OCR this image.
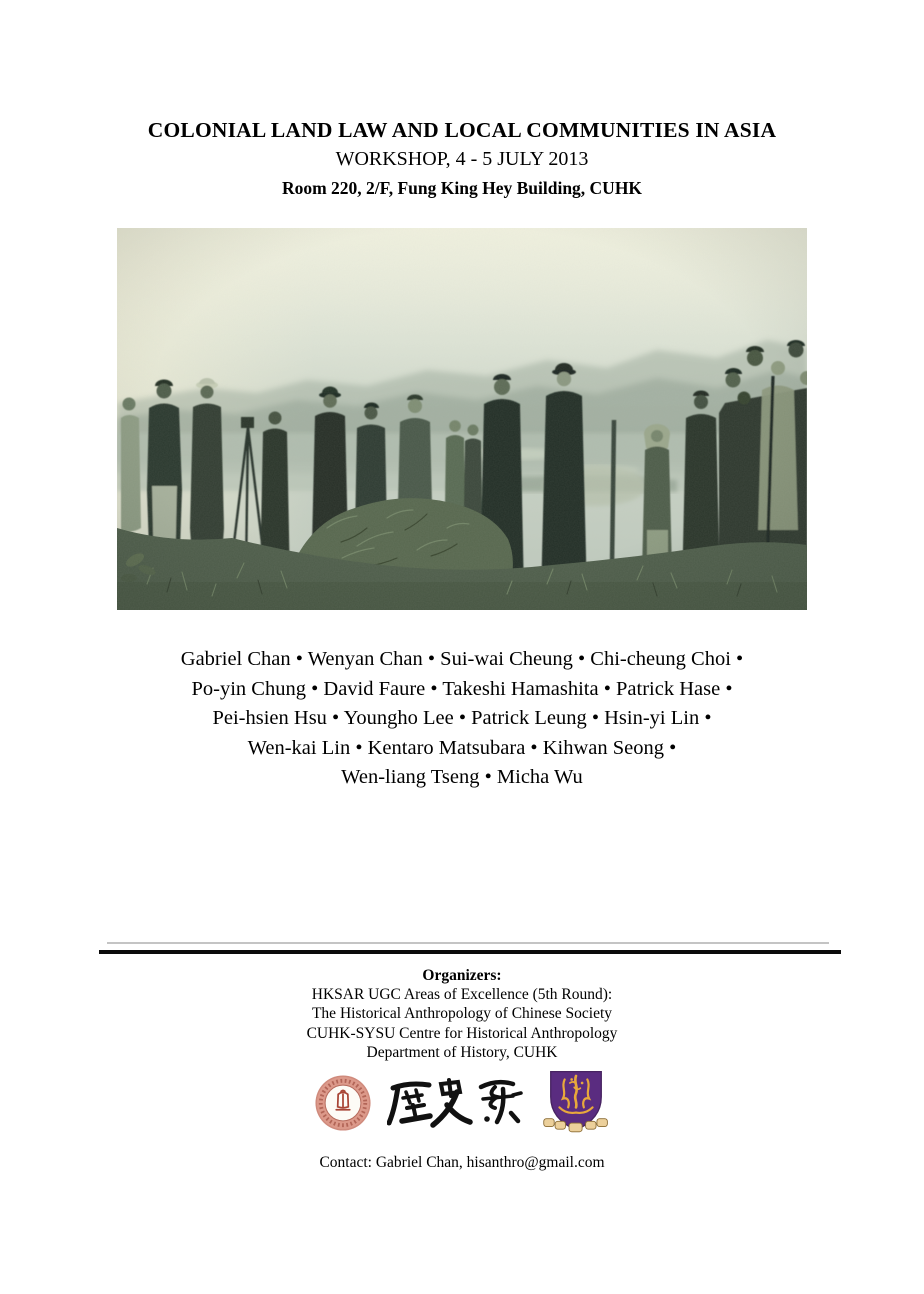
COLONIAL LAND LAW AND LOCAL COMMUNITIES IN ASIA
WORKSHOP, 4 - 5 JULY 2013
Room 220, 2/F, Fung King Hey Building, CUHK
Gabriel Chan • Wenyan Chan • Sui-wai Cheung • Chi-cheung Choi •
Po-yin Chung • David Faure • Takeshi Hamashita • Patrick Hase •
Pei-hsien Hsu • Youngho Lee • Patrick Leung • Hsin-yi Lin •
Wen-kai Lin • Kentaro Matsubara • Kihwan Seong •
Wen-liang Tseng • Micha Wu
Organizers:
HKSAR UGC Areas of Excellence (5th Round):
The Historical Anthropology of Chinese Society
CUHK-SYSU Centre for Historical Anthropology
Department of History, CUHK
Contact: Gabriel Chan, hisanthro@gmail.com
